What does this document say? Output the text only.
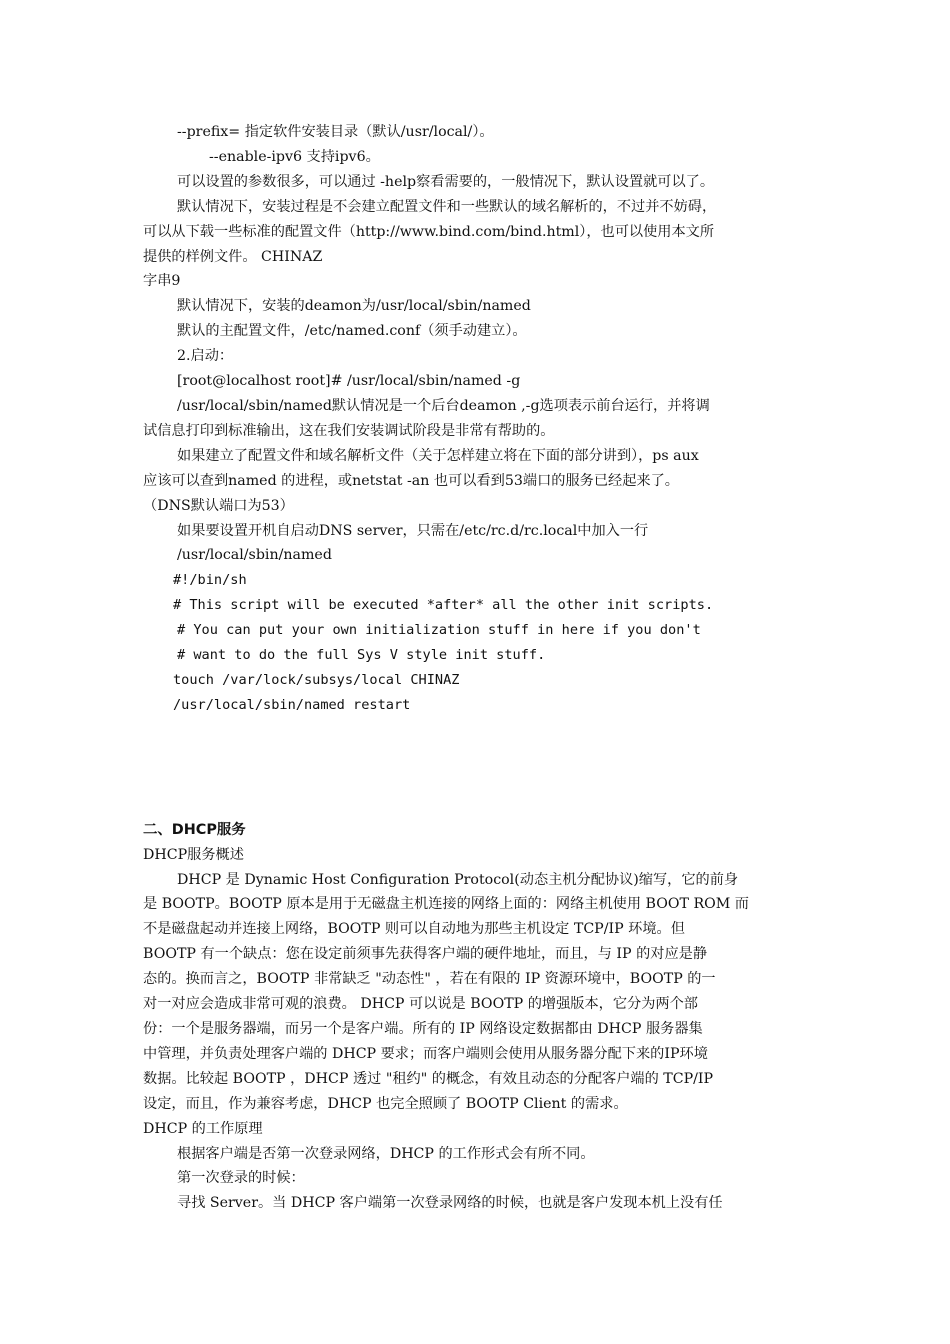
--prefix= 指定软件安装目录（默认/usr/local/）。

--enable-ipv6 支持ipv6。

可以设置的参数很多，可以通过 -help察看需要的，一般情况下，默认设置就可以了。

默认情况下，安装过程是不会建立配置文件和一些默认的域名解析的，不过并不妨碍，

可以从下载一些标准的配置文件（http://www.bind.com/bind.html），也可以使用本文所

提供的样例文件。 CHINAZ

字串9

默认情况下，安装的deamon为/usr/local/sbin/named

默认的主配置文件，/etc/named.conf（须手动建立）。

2.启动：

[root@localhost root]# /usr/local/sbin/named -g

/usr/local/sbin/named默认情况是一个后台deamon ,-g选项表示前台运行，并将调

试信息打印到标准输出，这在我们安装调试阶段是非常有帮助的。

如果建立了配置文件和域名解析文件（关于怎样建立将在下面的部分讲到），ps aux

应该可以查到named 的进程，或netstat -an 也可以看到53端口的服务已经起来了。

（DNS默认端口为53）

如果要设置开机自启动DNS server，只需在/etc/rc.d/rc.local中加入一行

/usr/local/sbin/named

#!/bin/sh

# This script will be executed *after* all the other init scripts.

# You can put your own initialization stuff in here if you don't

# want to do the full Sys V style init stuff.

touch /var/lock/subsys/local CHINAZ

/usr/local/sbin/named restart

二、DHCP服务

DHCP服务概述

DHCP 是 Dynamic Host Configuration Protocol(动态主机分配协议)缩写，它的前身

是 BOOTP。BOOTP 原本是用于无磁盘主机连接的网络上面的：网络主机使用 BOOT ROM 而

不是磁盘起动并连接上网络，BOOTP 则可以自动地为那些主机设定 TCP/IP 环境。但

BOOTP 有一个缺点：您在设定前须事先获得客户端的硬件地址，而且，与 IP 的对应是静

态的。换而言之，BOOTP 非常缺乏 "动态性" ，若在有限的 IP 资源环境中，BOOTP 的一

对一对应会造成非常可观的浪费。 DHCP 可以说是 BOOTP 的增强版本，它分为两个部

份：一个是服务器端，而另一个是客户端。所有的 IP 网络设定数据都由 DHCP 服务器集

中管理，并负责处理客户端的 DHCP 要求；而客户端则会使用从服务器分配下来的IP环境

数据。比较起 BOOTP ，DHCP 透过 "租约" 的概念，有效且动态的分配客户端的 TCP/IP

设定，而且，作为兼容考虑，DHCP 也完全照顾了 BOOTP Client 的需求。

DHCP 的工作原理

根据客户端是否第一次登录网络，DHCP 的工作形式会有所不同。

第一次登录的时候：

寻找 Server。当 DHCP 客户端第一次登录网络的时候，也就是客户发现本机上没有任
